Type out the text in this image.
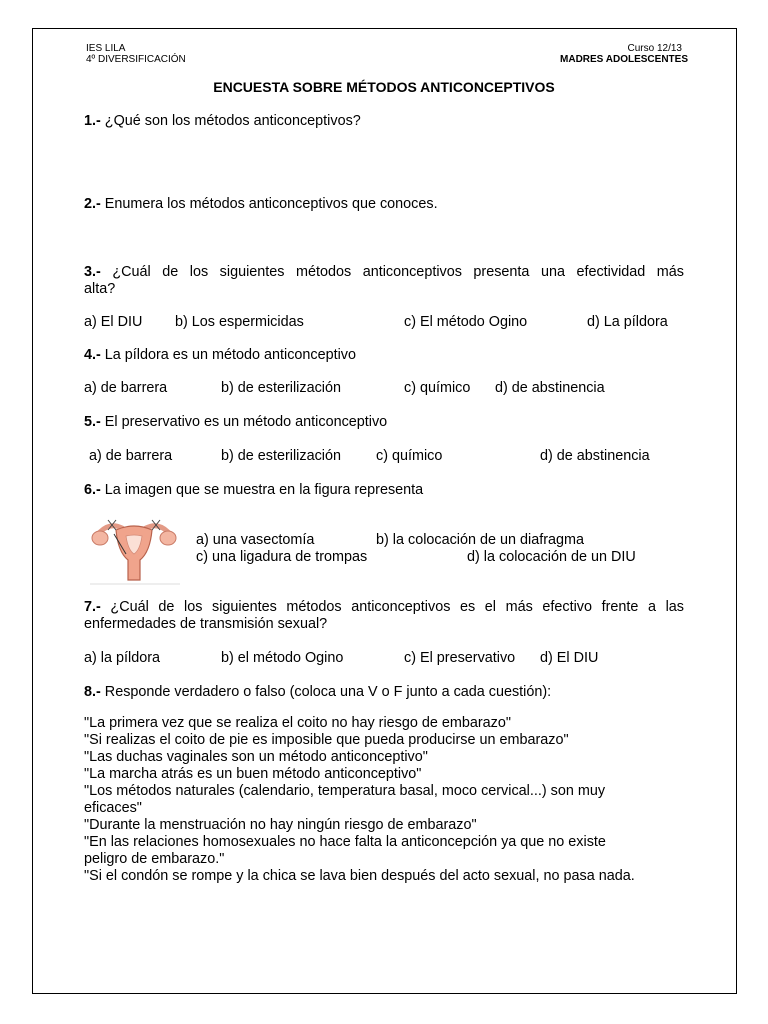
IES LILA
4º DIVERSIFICACIÓN
Curso 12/13
MADRES ADOLESCENTES
ENCUESTA SOBRE MÉTODOS ANTICONCEPTIVOS
1.- ¿Qué son los métodos anticonceptivos?
2.- Enumera los métodos anticonceptivos que conoces.
3.- ¿Cuál de los siguientes métodos anticonceptivos presenta una efectividad más
alta?
a) El DIU b) Los espermicidas	c) El método Ogino	d) La píldora
4.- La píldora es un método anticonceptivo
a) de barrera	b) de esterilización	c) químico d) de abstinencia
5.- El preservativo es un método anticonceptivo
a) de barrera	b) de esterilización c) químico	d) de abstinencia
6.- La imagen que se muestra en la figura representa
a) una vasectomía	b) la colocación de un diafragma
c) una ligadura de trompas	d) la colocación de un DIU
7.- ¿Cuál de los siguientes métodos anticonceptivos es el más efectivo frente a las
enfermedades de transmisión sexual?
a) la píldora	b) el método Ogino	c) El preservativo d) El DIU
8.- Responde verdadero o falso (coloca una V o F junto a cada cuestión):
"La primera vez que se realiza el coito no hay riesgo de embarazo"
"Si realizas el coito de pie es imposible que pueda producirse un embarazo"
"Las duchas vaginales son un método anticonceptivo"
"La marcha atrás es un buen método anticonceptivo"
"Los métodos naturales (calendario, temperatura basal, moco cervical...) son muy
eficaces"
"Durante la menstruación no hay ningún riesgo de embarazo"
"En las relaciones homosexuales no hace falta la anticoncepción ya que no existe
peligro de embarazo."
"Si el condón se rompe y la chica se lava bien después del acto sexual, no pasa nada.
